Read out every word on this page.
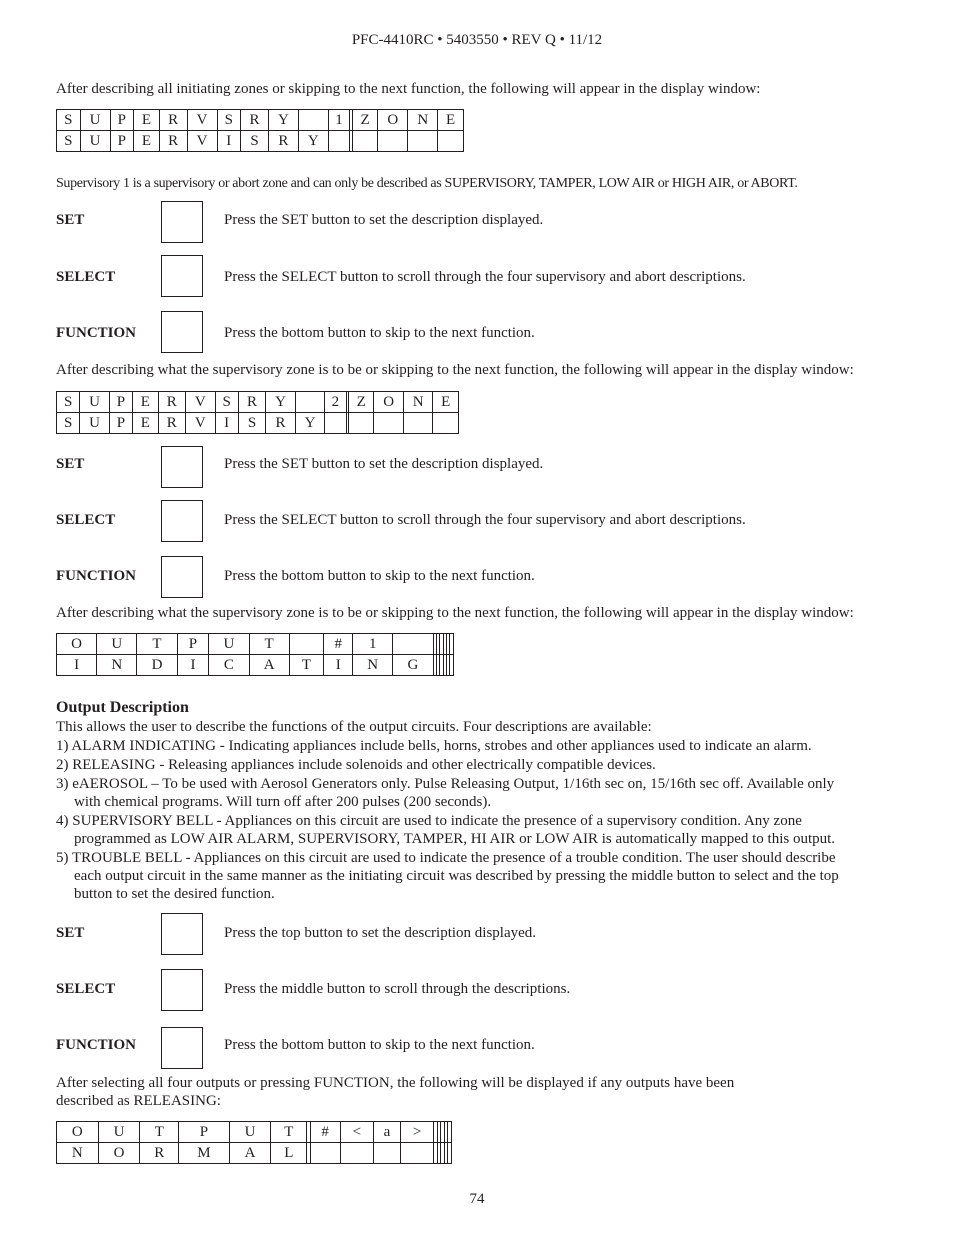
PFC-4410RC • 5403550 • REV Q • 11/12
After describing all initiating zones or skipping to the next function, the following will appear in the display window:
S	U	P	E	R	V	S	R	Y		1		Z	O	N	E
S	U	P	E	R	V	I	S	R	Y						
Supervisory 1 is a supervisory or abort zone and can only be described as SUPERVISORY, TAMPER, LOW AIR or HIGH AIR, or ABORT.
SET	Press the SET button to set the description displayed.
SELECT	Press the SELECT button to scroll through the four supervisory and abort descriptions.
FUNCTION	Press the bottom button to skip to the next function.
After describing what the supervisory zone is to be or skipping to the next function, the following will appear in the display window:
S	U	P	E	R	V	S	R	Y		2		Z	O	N	E
S	U	P	E	R	V	I	S	R	Y						
SET	Press the SET button to set the description displayed.
SELECT	Press the SELECT button to scroll through the four supervisory and abort descriptions.
FUNCTION	Press the bottom button to skip to the next function.
After describing what the supervisory zone is to be or skipping to the next function, the following will appear in the display window:
O	U	T	P	U	T		#	1							
I	N	D	I	C	A	T	I	N	G						
Output Description
This allows the user to describe the functions of the output circuits. Four descriptions are available:
1) ALARM INDICATING - Indicating appliances include bells, horns, strobes and other appliances used to indicate an alarm.
2) RELEASING - Releasing appliances include solenoids and other electrically compatible devices.
3) eAEROSOL – To be used with Aerosol Generators only. Pulse Releasing Output, 1/16th sec on, 15/16th sec off. Available only
with chemical programs. Will turn off after 200 pulses (200 seconds).
4) SUPERVISORY BELL - Appliances on this circuit are used to indicate the presence of a supervisory condition. Any zone
programmed as LOW AIR ALARM, SUPERVISORY, TAMPER, HI AIR or LOW AIR is automatically mapped to this output.
5) TROUBLE BELL - Appliances on this circuit are used to indicate the presence of a trouble condition. The user should describe
each output circuit in the same manner as the initiating circuit was described by pressing the middle button to select and the top button to set the desired function.
SET	Press the top button to set the description displayed.
SELECT	Press the middle button to scroll through the descriptions.
FUNCTION	Press the bottom button to skip to the next function.
After selecting all four outputs or pressing FUNCTION, the following will be displayed if any outputs have been
described as RELEASING:
O	U	T	P	U	T		#	<	a	>					
N	O	R	M	A	L										
74
